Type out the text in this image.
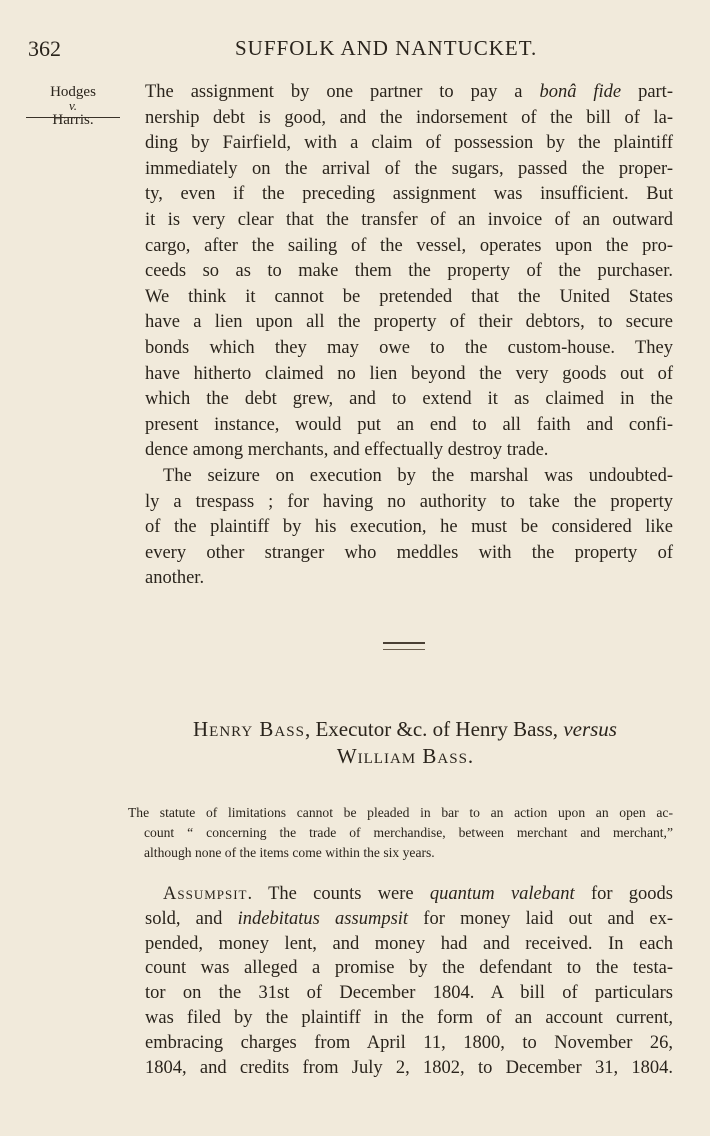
362	SUFFOLK AND NANTUCKET.
Hodges
v.
Harris.
The assignment by one partner to pay a bonâ fide part-
nership debt is good, and the indorsement of the bill of la-
ding by Fairfield, with a claim of possession by the plaintiff
immediately on the arrival of the sugars, passed the proper-
ty, even if the preceding assignment was insufficient. But
it is very clear that the transfer of an invoice of an outward
cargo, after the sailing of the vessel, operates upon the pro-
ceeds so as to make them the property of the purchaser.
We think it cannot be pretended that the United States
have a lien upon all the property of their debtors, to secure
bonds which they may owe to the custom-house. They
have hitherto claimed no lien beyond the very goods out of
which the debt grew, and to extend it as claimed in the
present instance, would put an end to all faith and confi-
dence among merchants, and effectually destroy trade.
The seizure on execution by the marshal was undoubted-
ly a trespass ; for having no authority to take the property
of the plaintiff by his execution, he must be considered like
every other stranger who meddles with the property of
another.
Henry Bass, Executor &c. of Henry Bass, versus
William Bass.
The statute of limitations cannot be pleaded in bar to an action upon an open ac-
count “ concerning the trade of merchandise, between merchant and merchant,”
although none of the items come within the six years.
Assumpsit. The counts were quantum valebant for goods
sold, and indebitatus assumpsit for money laid out and ex-
pended, money lent, and money had and received. In each
count was alleged a promise by the defendant to the testa-
tor on the 31st of December 1804. A bill of particulars
was filed by the plaintiff in the form of an account current,
embracing charges from April 11, 1800, to November 26,
1804, and credits from July 2, 1802, to December 31, 1804.
